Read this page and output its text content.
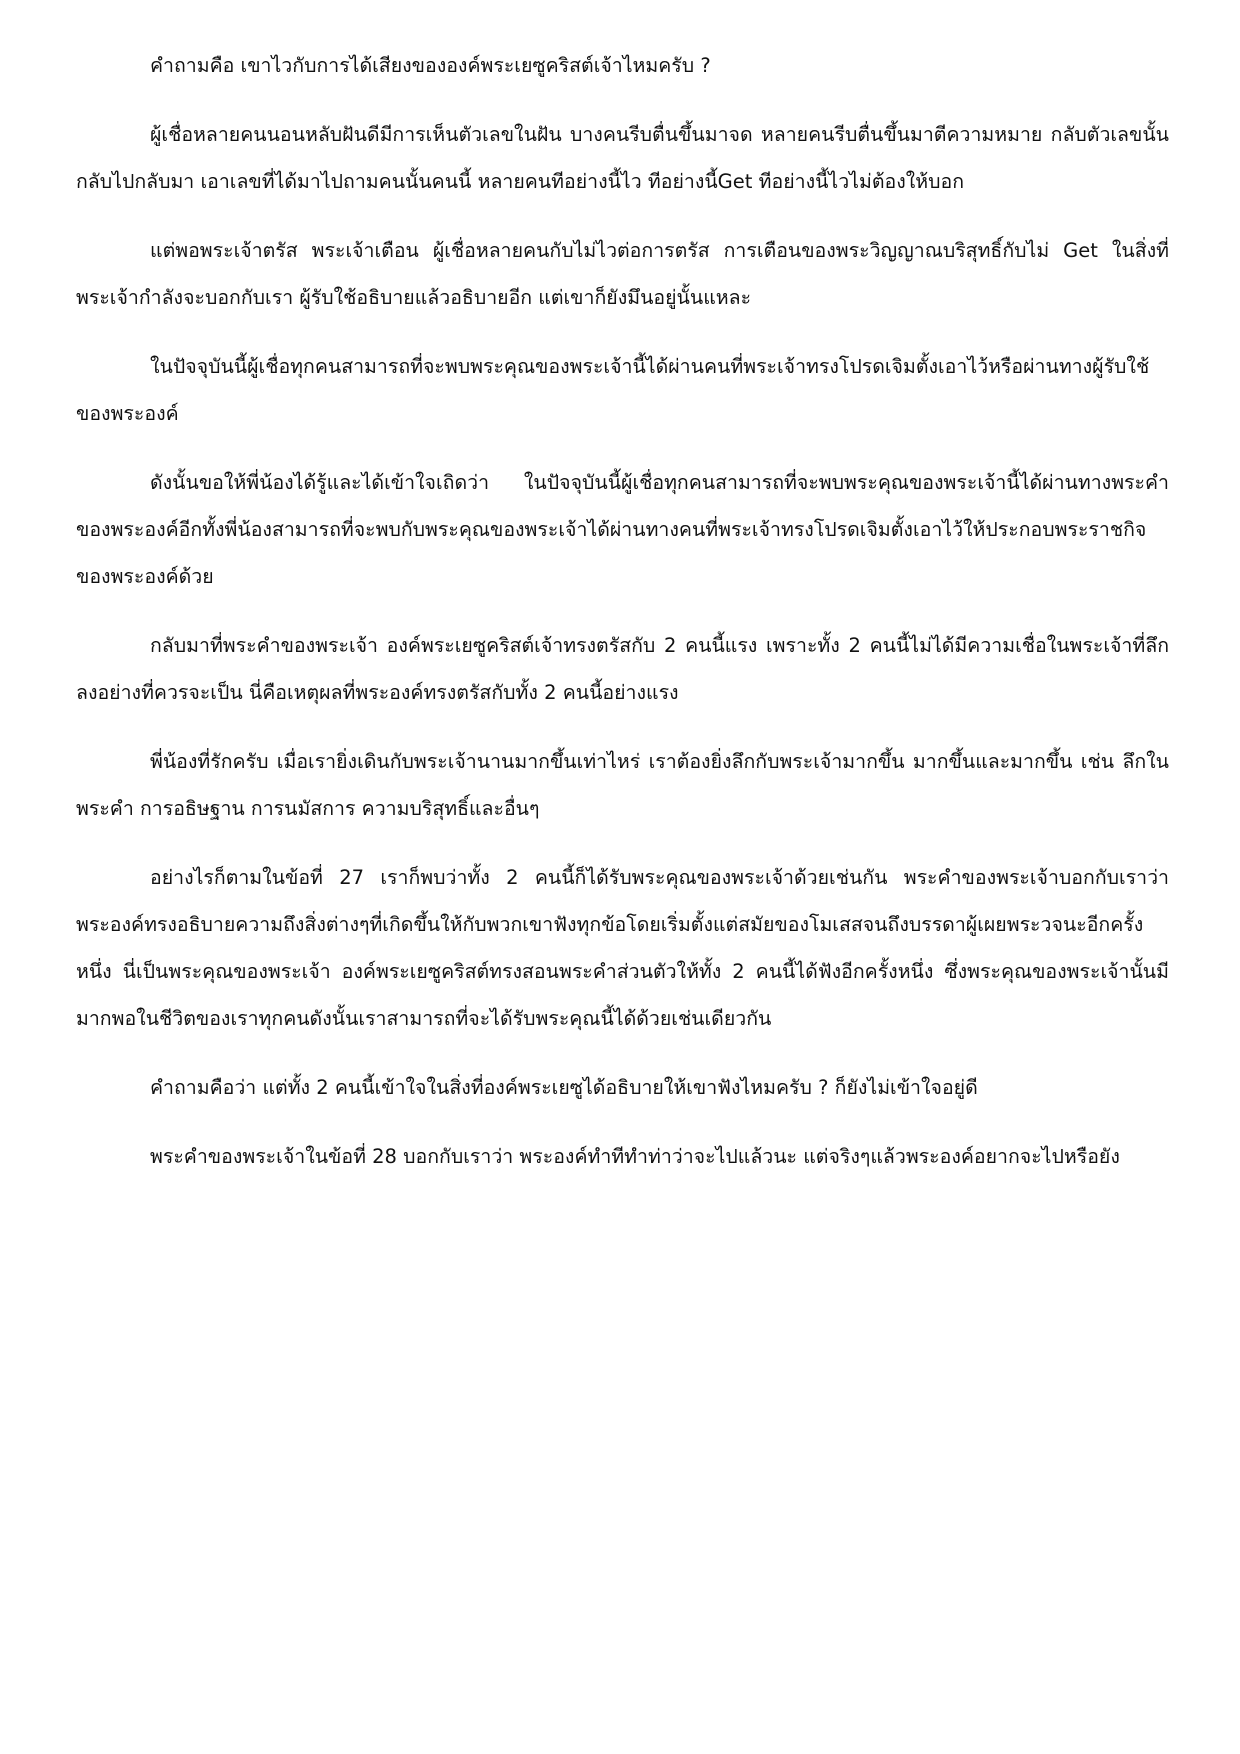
คำถามคือ เขาไวกับการได้เสียงขององค์พระเยซูคริสต์เจ้าไหมครับ ?

ผู้เชื่อหลายคนนอนหลับฝันดีมีการเห็นตัวเลขในฝัน บางคนรีบตื่นขึ้นมาจด หลายคนรีบตื่นขึ้นมาตีความหมาย กลับตัวเลขนั้นกลับไปกลับมา เอาเลขที่ได้มาไปถามคนนั้นคนนี้ หลายคนทีอย่างนี้ไว ทีอย่างนี้Get ทีอย่างนี้ไวไม่ต้องให้บอก

แต่พอพระเจ้าตรัส พระเจ้าเตือน ผู้เชื่อหลายคนกับไม่ไวต่อการตรัส การเตือนของพระวิญญาณบริสุทธิ์กับไม่ Get ในสิ่งที่พระเจ้ากำลังจะบอกกับเรา ผู้รับใช้อธิบายแล้วอธิบายอีก แต่เขาก็ยังมึนอยู่นั้นแหละ

ในปัจจุบันนี้ผู้เชื่อทุกคนสามารถที่จะพบพระคุณของพระเจ้านี้ได้ผ่านคนที่พระเจ้าทรงโปรดเจิมตั้งเอาไว้หรือผ่านทางผู้รับใช้ของพระองค์

ดังนั้นขอให้พี่น้องได้รู้และได้เข้าใจเถิดว่า ในปัจจุบันนี้ผู้เชื่อทุกคนสามารถที่จะพบพระคุณของพระเจ้านี้ได้ผ่านทางพระคำของพระองค์อีกทั้งพี่น้องสามารถที่จะพบกับพระคุณของพระเจ้าได้ผ่านทางคนที่พระเจ้าทรงโปรดเจิมตั้งเอาไว้ให้ประกอบพระราชกิจของพระองค์ด้วย

กลับมาที่พระคำของพระเจ้า องค์พระเยซูคริสต์เจ้าทรงตรัสกับ 2 คนนี้แรง เพราะทั้ง 2 คนนี้ไม่ได้มีความเชื่อในพระเจ้าที่ลึกลงอย่างที่ควรจะเป็น นี่คือเหตุผลที่พระองค์ทรงตรัสกับทั้ง 2 คนนี้อย่างแรง

พี่น้องที่รักครับ เมื่อเรายิ่งเดินกับพระเจ้านานมากขึ้นเท่าไหร่ เราต้องยิ่งลึกกับพระเจ้ามากขึ้น มากขึ้นและมากขึ้น เช่น ลึกในพระคำ การอธิษฐาน การนมัสการ ความบริสุทธิ์และอื่นๆ

อย่างไรก็ตามในข้อที่ 27 เราก็พบว่าทั้ง 2 คนนี้ก็ได้รับพระคุณของพระเจ้าด้วยเช่นกัน พระคำของพระเจ้าบอกกับเราว่า พระองค์ทรงอธิบายความถึงสิ่งต่างๆที่เกิดขึ้นให้กับพวกเขาฟังทุกข้อโดยเริ่มตั้งแต่สมัยของโมเสสจนถึงบรรดาผู้เผยพระวจนะอีกครั้งหนึ่ง นี่เป็นพระคุณของพระเจ้า องค์พระเยซูคริสต์ทรงสอนพระคำส่วนตัวให้ทั้ง 2 คนนี้ได้ฟังอีกครั้งหนึ่ง ซึ่งพระคุณของพระเจ้านั้นมีมากพอในชีวิตของเราทุกคนดังนั้นเราสามารถที่จะได้รับพระคุณนี้ได้ด้วยเช่นเดียวกัน

คำถามคือว่า แต่ทั้ง 2 คนนี้เข้าใจในสิ่งที่องค์พระเยซูได้อธิบายให้เขาฟังไหมครับ ? ก็ยังไม่เข้าใจอยู่ดี

พระคำของพระเจ้าในข้อที่ 28 บอกกับเราว่า พระองค์ทำทีทำท่าว่าจะไปแล้วนะ แต่จริงๆแล้วพระองค์อยากจะไปหรือยัง
